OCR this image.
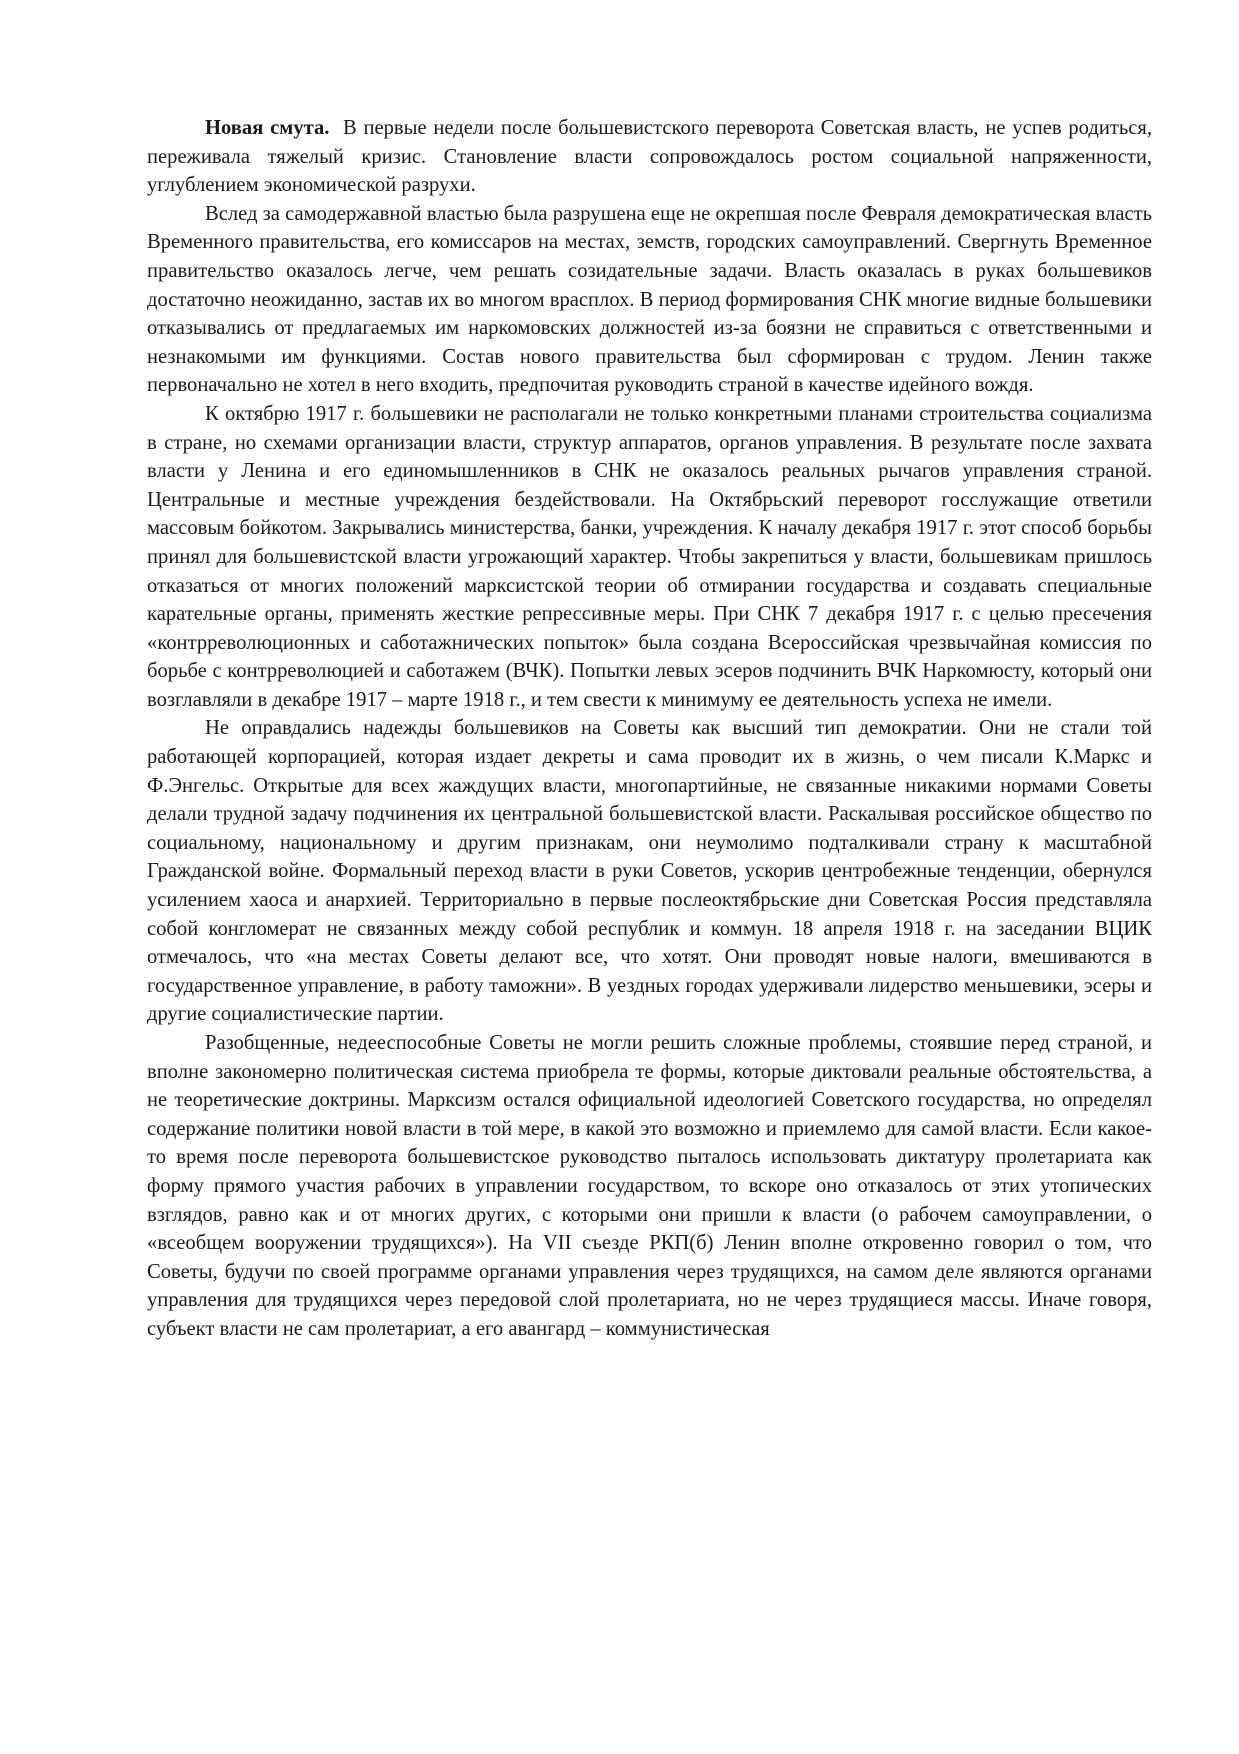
Новая смута. В первые недели после большевистского переворота Советская власть, не успев родиться, переживала тяжелый кризис. Становление власти сопровождалось ростом социальной напряженности, углублением экономической разрухи.

Вслед за самодержавной властью была разрушена еще не окрепшая после Февраля демократическая власть Временного правительства, его комиссаров на местах, земств, городских самоуправлений. Свергнуть Временное правительство оказалось легче, чем решать созидательные задачи. Власть оказалась в руках большевиков достаточно неожиданно, застав их во многом врасплох. В период формирования СНК многие видные большевики отказывались от предлагаемых им наркомовских должностей из-за боязни не справиться с ответственными и незнакомыми им функциями. Состав нового правительства был сформирован с трудом. Ленин также первоначально не хотел в него входить, предпочитая руководить страной в качестве идейного вождя.

К октябрю 1917 г. большевики не располагали не только конкретными планами строительства социализма в стране, но схемами организации власти, структур аппаратов, органов управления. В результате после захвата власти у Ленина и его единомышленников в СНК не оказалось реальных рычагов управления страной. Центральные и местные учреждения бездействовали. На Октябрьский переворот госслужащие ответили массовым бойкотом. Закрывались министерства, банки, учреждения. К началу декабря 1917 г. этот способ борьбы принял для большевистской власти угрожающий характер. Чтобы закрепиться у власти, большевикам пришлось отказаться от многих положений марксистской теории об отмирании государства и создавать специальные карательные органы, применять жесткие репрессивные меры. При СНК 7 декабря 1917 г. с целью пресечения «контрреволюционных и саботажнических попыток» была создана Всероссийская чрезвычайная комиссия по борьбе с контрреволюцией и саботажем (ВЧК). Попытки левых эсеров подчинить ВЧК Наркомюсту, который они возглавляли в декабре 1917 – марте 1918 г., и тем свести к минимуму ее деятельность успеха не имели.

Не оправдались надежды большевиков на Советы как высший тип демократии. Они не стали той работающей корпорацией, которая издает декреты и сама проводит их в жизнь, о чем писали К.Маркс и Ф.Энгельс. Открытые для всех жаждущих власти, многопартийные, не связанные никакими нормами Советы делали трудной задачу подчинения их центральной большевистской власти. Раскалывая российское общество по социальному, национальному и другим признакам, они неумолимо подталкивали страну к масштабной Гражданской войне. Формальный переход власти в руки Советов, ускорив центробежные тенденции, обернулся усилением хаоса и анархией. Территориально в первые послеоктябрьские дни Советская Россия представляла собой конгломерат не связанных между собой республик и коммун. 18 апреля 1918 г. на заседании ВЦИК отмечалось, что «на местах Советы делают все, что хотят. Они проводят новые налоги, вмешиваются в государственное управление, в работу таможни». В уездных городах удерживали лидерство меньшевики, эсеры и другие социалистические партии.

Разобщенные, недееспособные Советы не могли решить сложные проблемы, стоявшие перед страной, и вполне закономерно политическая система приобрела те формы, которые диктовали реальные обстоятельства, а не теоретические доктрины. Марксизм остался официальной идеологией Советского государства, но определял содержание политики новой власти в той мере, в какой это возможно и приемлемо для самой власти. Если какое-то время после переворота большевистское руководство пыталось использовать диктатуру пролетариата как форму прямого участия рабочих в управлении государством, то вскоре оно отказалось от этих утопических взглядов, равно как и от многих других, с которыми они пришли к власти (о рабочем самоуправлении, о «всеобщем вооружении трудящихся»). На VII съезде РКП(б) Ленин вполне откровенно говорил о том, что Советы, будучи по своей программе органами управления через трудящихся, на самом деле являются органами управления для трудящихся через передовой слой пролетариата, но не через трудящиеся массы. Иначе говоря, субъект власти не сам пролетариат, а его авангард – коммунистическая
